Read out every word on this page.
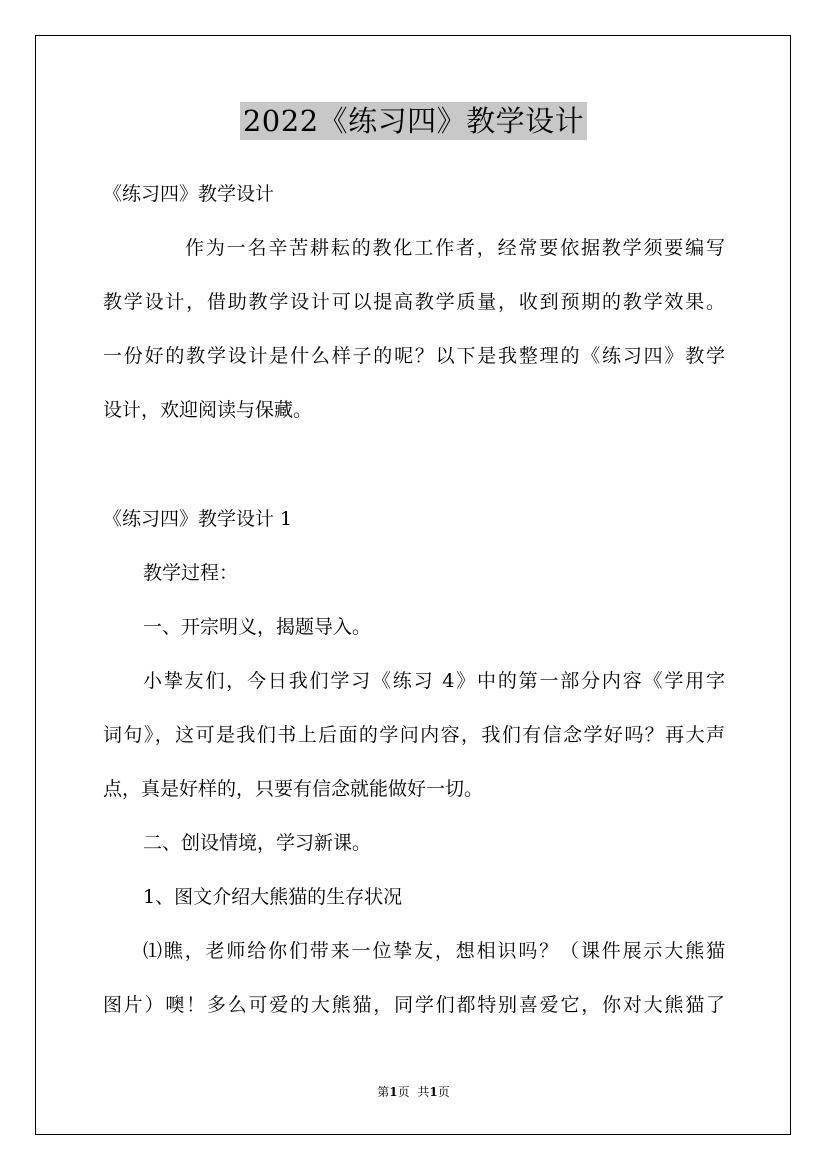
2022《练习四》教学设计
《练习四》教学设计
作为一名辛苦耕耘的教化工作者，经常要依据教学须要编写
教学设计，借助教学设计可以提高教学质量，收到预期的教学效果。
一份好的教学设计是什么样子的呢？以下是我整理的《练习四》教学
设计，欢迎阅读与保藏。
《练习四》教学设计 1
教学过程：
一、开宗明义，揭题导入。
小挚友们，今日我们学习《练习 4》中的第一部分内容《学用字
词句》，这可是我们书上后面的学问内容，我们有信念学好吗？再大声
点，真是好样的，只要有信念就能做好一切。
二、创设情境，学习新课。
1、图文介绍大熊猫的生存状况
⑴瞧，老师给你们带来一位挚友，想相识吗？（课件展示大熊猫
图片）噢！多么可爱的大熊猫，同学们都特别喜爱它，你对大熊猫了
第1页 共1页
